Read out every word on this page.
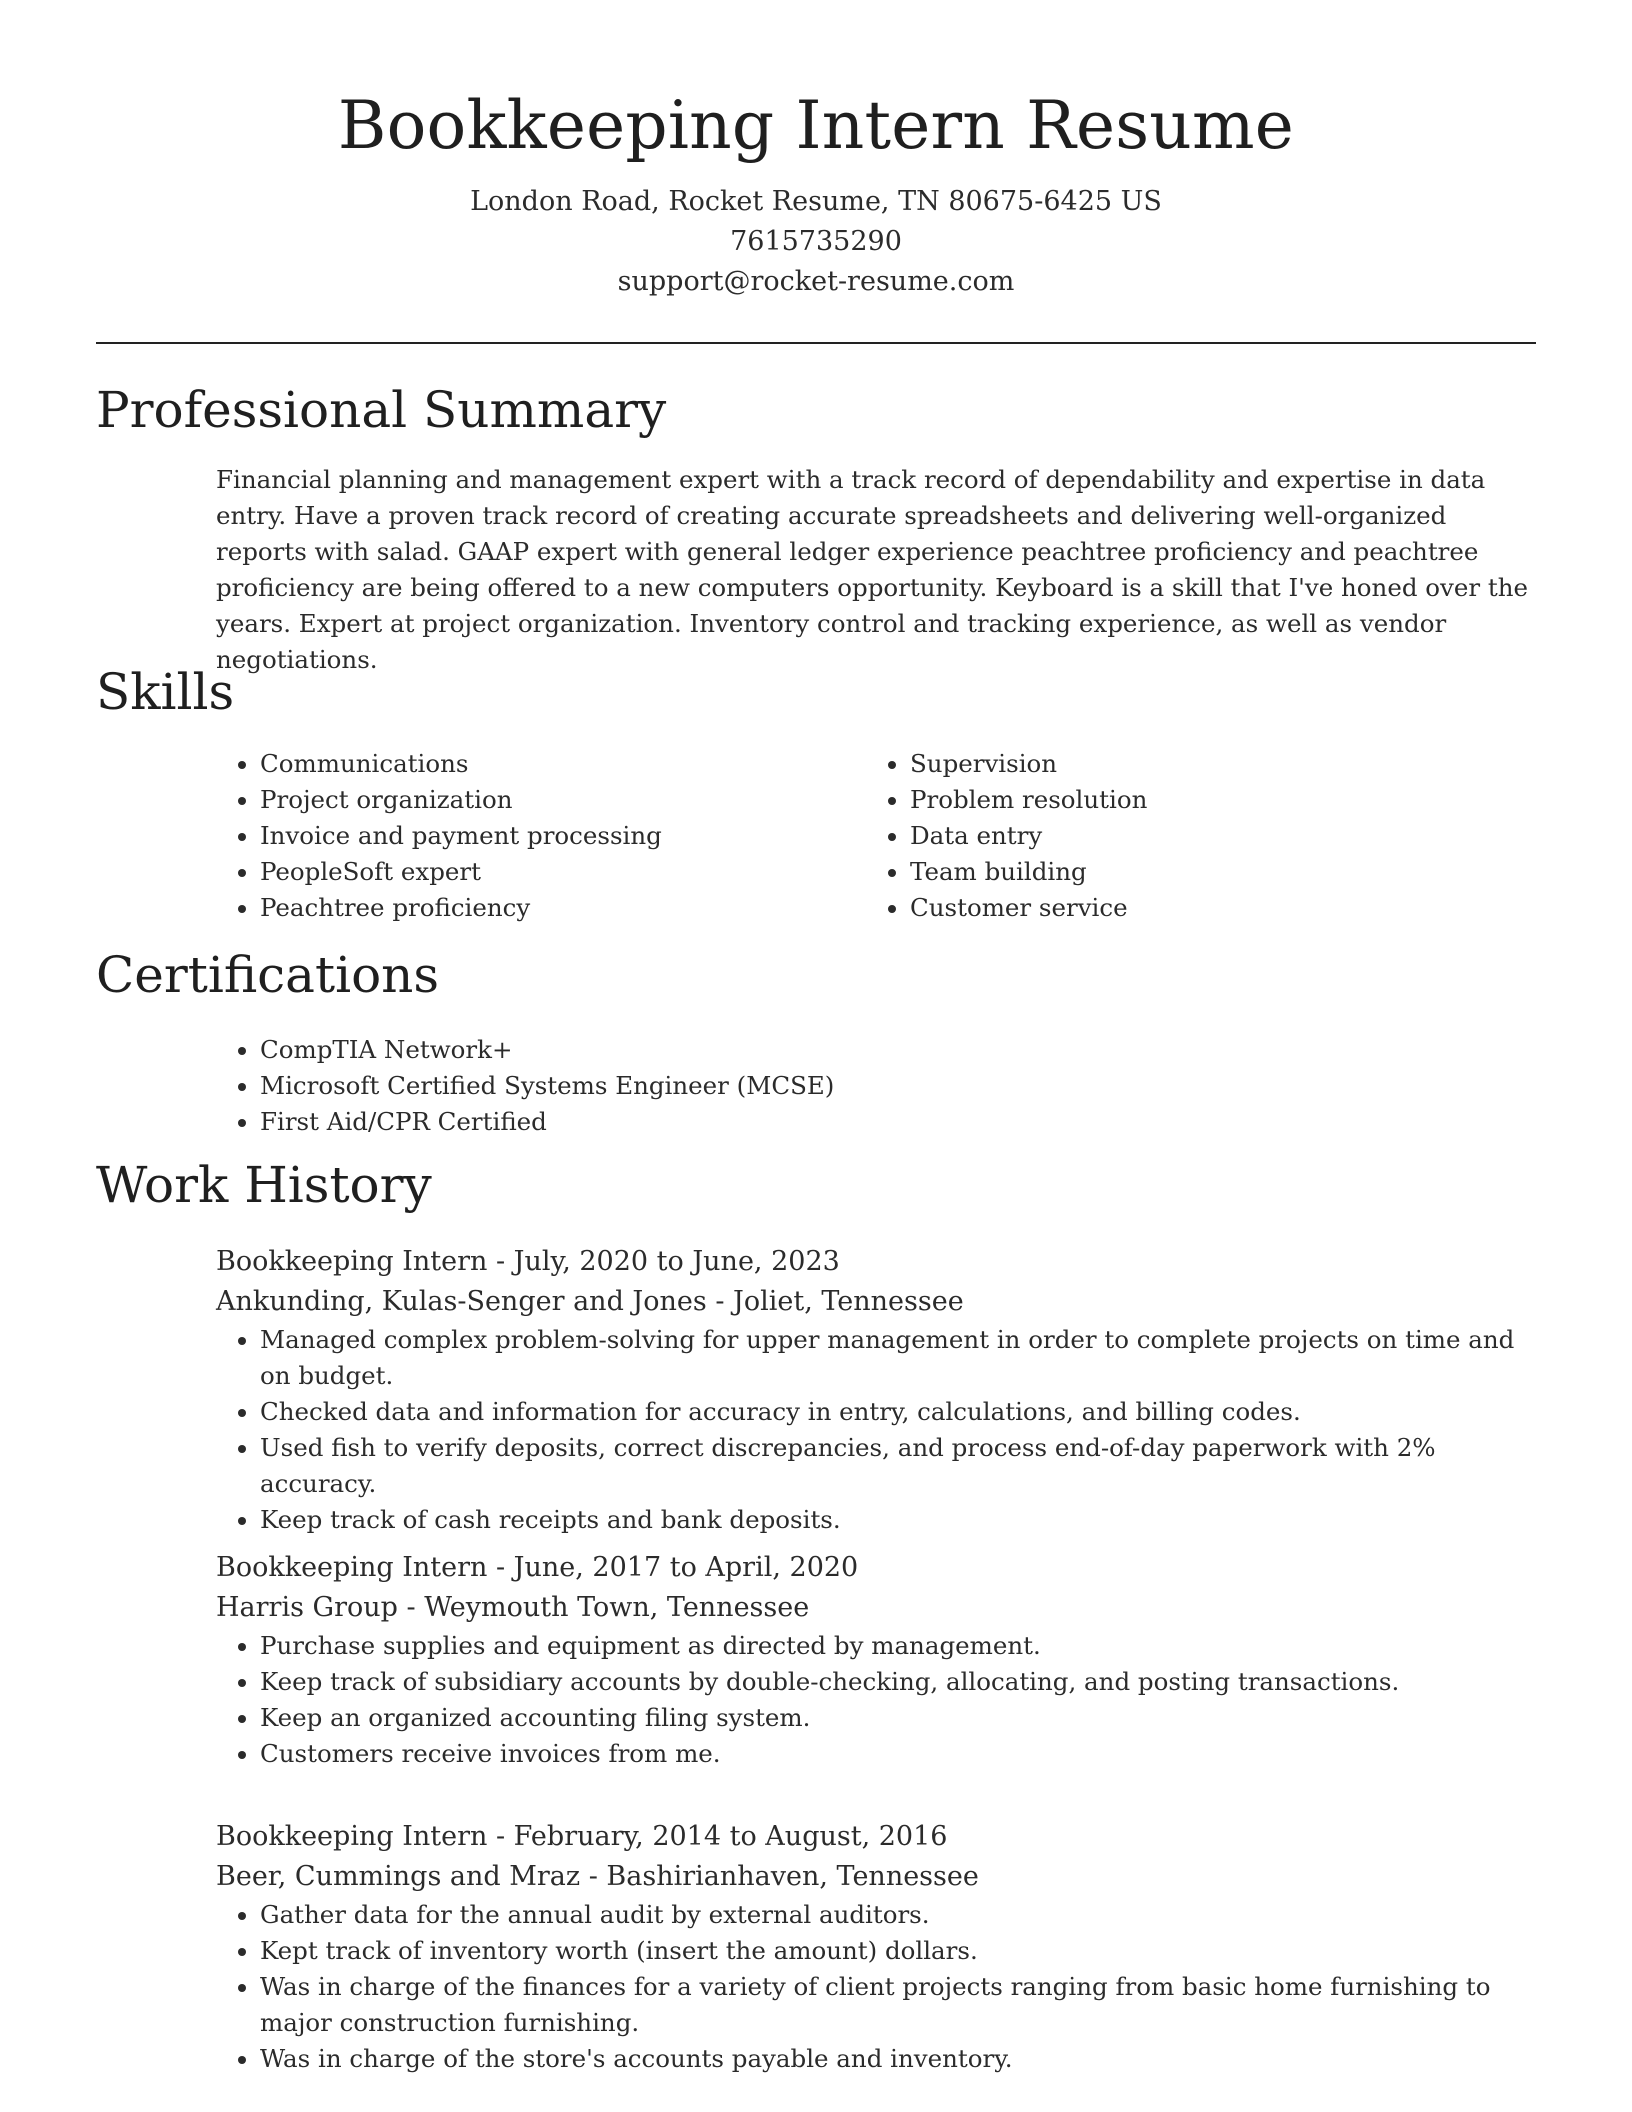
Bookkeeping Intern Resume
London Road, Rocket Resume, TN 80675-6425 US
7615735290
support@rocket-resume.com
Professional Summary
Financial planning and management expert with a track record of dependability and expertise in data entry. Have a proven track record of creating accurate spreadsheets and delivering well-organized reports with salad. GAAP expert with general ledger experience peachtree proficiency and peachtree proficiency are being offered to a new computers opportunity. Keyboard is a skill that I've honed over the years. Expert at project organization. Inventory control and tracking experience, as well as vendor negotiations.
Skills
• Communications
• Project organization
• Invoice and payment processing
• PeopleSoft expert
• Peachtree proficiency
• Supervision
• Problem resolution
• Data entry
• Team building
• Customer service
Certifications
• CompTIA Network+
• Microsoft Certified Systems Engineer (MCSE)
• First Aid/CPR Certified
Work History
Bookkeeping Intern - July, 2020 to June, 2023
Ankunding, Kulas-Senger and Jones - Joliet, Tennessee
• Managed complex problem-solving for upper management in order to complete projects on time and on budget.
• Checked data and information for accuracy in entry, calculations, and billing codes.
• Used fish to verify deposits, correct discrepancies, and process end-of-day paperwork with 2% accuracy.
• Keep track of cash receipts and bank deposits.
Bookkeeping Intern - June, 2017 to April, 2020
Harris Group - Weymouth Town, Tennessee
• Purchase supplies and equipment as directed by management.
• Keep track of subsidiary accounts by double-checking, allocating, and posting transactions.
• Keep an organized accounting filing system.
• Customers receive invoices from me.
Bookkeeping Intern - February, 2014 to August, 2016
Beer, Cummings and Mraz - Bashirianhaven, Tennessee
• Gather data for the annual audit by external auditors.
• Kept track of inventory worth (insert the amount) dollars.
• Was in charge of the finances for a variety of client projects ranging from basic home furnishing to major construction furnishing.
• Was in charge of the store's accounts payable and inventory.
